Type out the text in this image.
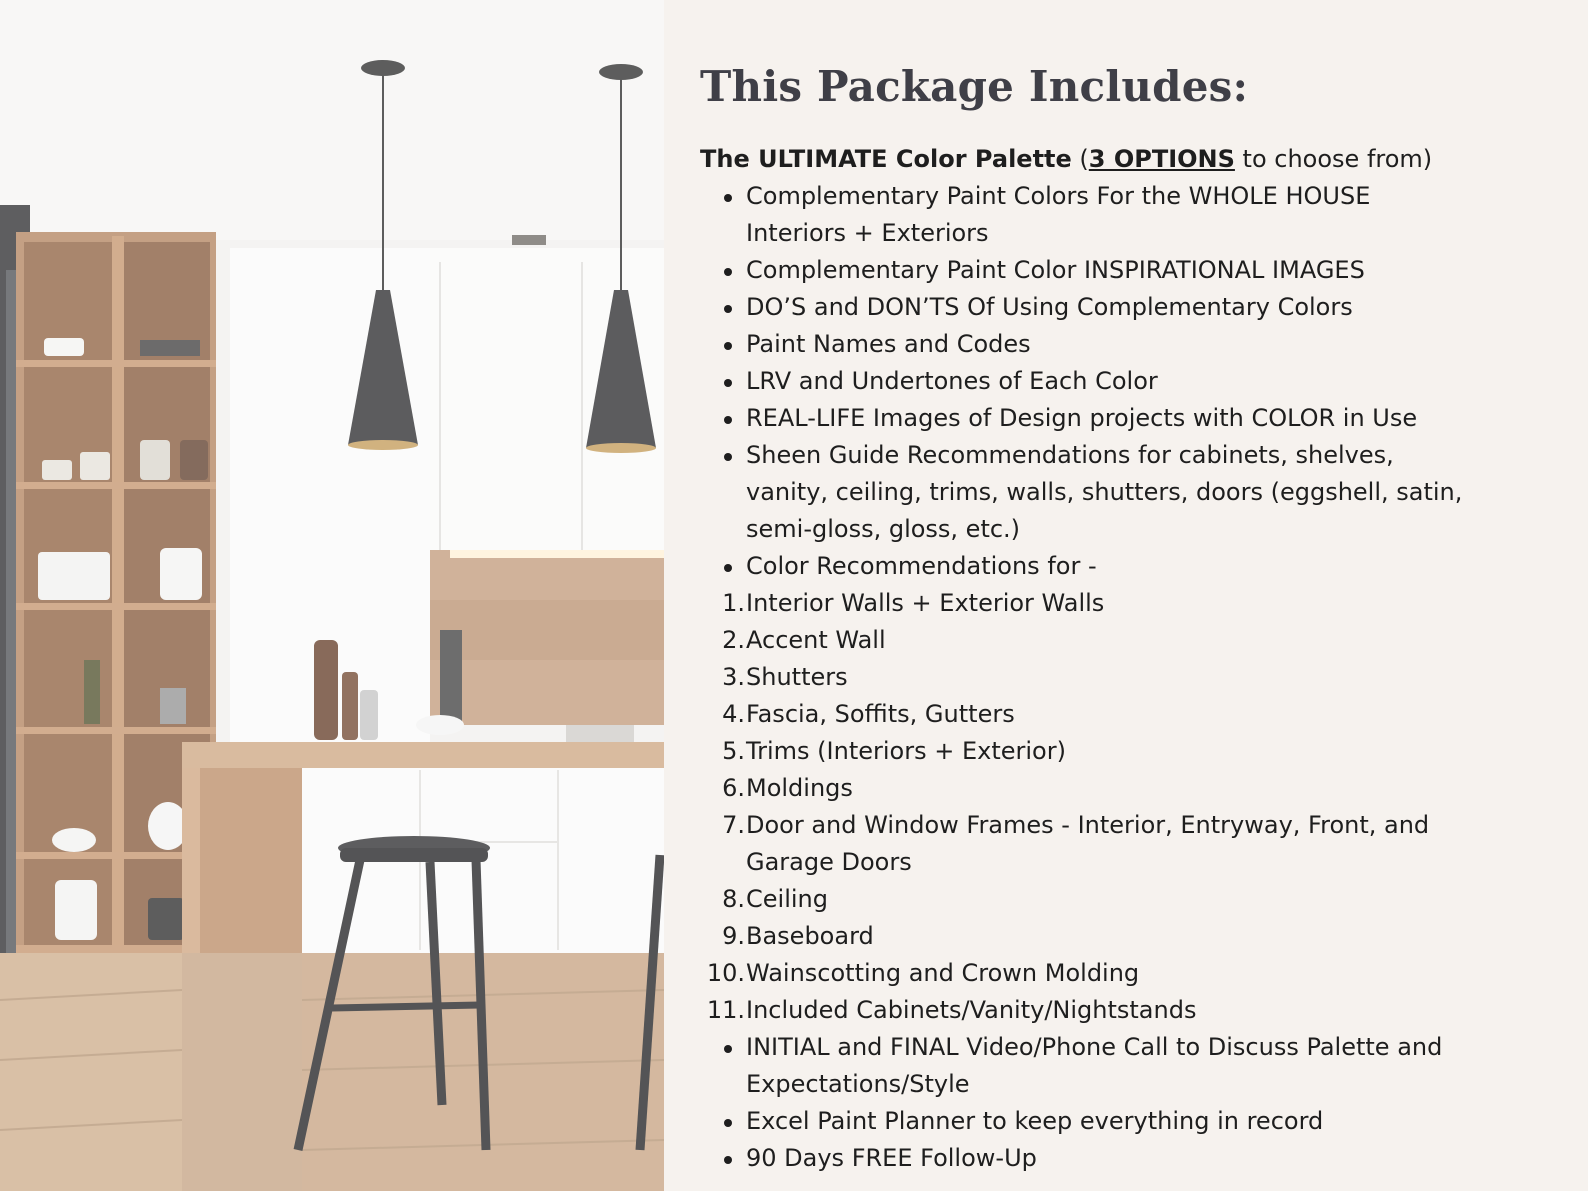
This Package Includes:
The ULTIMATE Color Palette (3 OPTIONS to choose from)
Complementary Paint Colors For the WHOLE HOUSE
Interiors + Exteriors
Complementary Paint Color INSPIRATIONAL IMAGES
DO’S and DON’TS Of Using Complementary Colors
Paint Names and Codes
LRV and Undertones of Each Color
REAL-LIFE Images of Design projects with COLOR in Use
Sheen Guide Recommendations for cabinets, shelves,
vanity, ceiling, trims, walls, shutters, doors (eggshell, satin,
semi-gloss, gloss, etc.)
Color Recommendations for -
1. Interior Walls + Exterior Walls
2. Accent Wall
3. Shutters
4. Fascia, Soffits, Gutters
5. Trims (Interiors + Exterior)
6. Moldings
7. Door and Window Frames - Interior, Entryway, Front, and
Garage Doors
8. Ceiling
9. Baseboard
10. Wainscotting and Crown Molding
11. Included Cabinets/Vanity/Nightstands
INITIAL and FINAL Video/Phone Call to Discuss Palette and
Expectations/Style
Excel Paint Planner to keep everything in record
90 Days FREE Follow-Up
